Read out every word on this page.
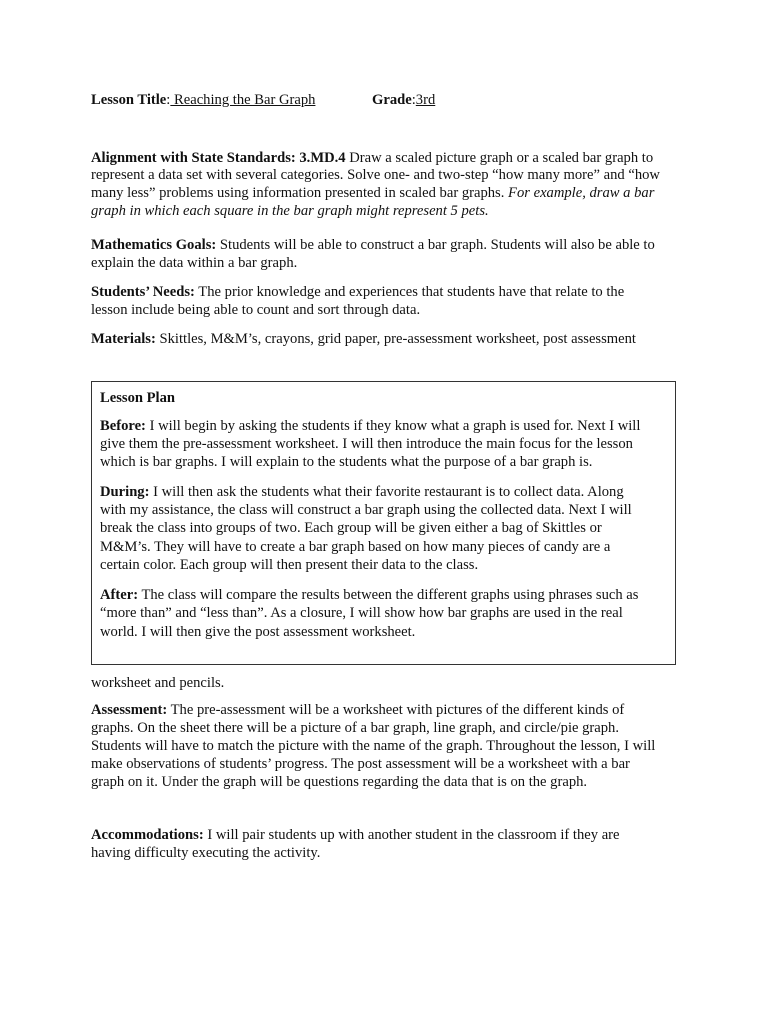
Lesson Title: Reaching the Bar Graph	Grade:3rd
Alignment with State Standards: 3.MD.4 Draw a scaled picture graph or a scaled bar graph to
represent a data set with several categories. Solve one- and two-step “how many more” and “how
many less” problems using information presented in scaled bar graphs. For example, draw a bar
graph in which each square in the bar graph might represent 5 pets.
Mathematics Goals: Students will be able to construct a bar graph. Students will also be able to
explain the data within a bar graph.
Students’ Needs: The prior knowledge and experiences that students have that relate to the
lesson include being able to count and sort through data.
Materials: Skittles, M&M’s, crayons, grid paper, pre-assessment worksheet, post assessment
worksheet and pencils.
Assessment: The pre-assessment will be a worksheet with pictures of the different kinds of
graphs. On the sheet there will be a picture of a bar graph, line graph, and circle/pie graph.
Students will have to match the picture with the name of the graph. Throughout the lesson, I will
make observations of students’ progress. The post assessment will be a worksheet with a bar
graph on it. Under the graph will be questions regarding the data that is on the graph.
Accommodations: I will pair students up with another student in the classroom if they are
having difficulty executing the activity.
Lesson Plan
Before: I will begin by asking the students if they know what a graph is used for. Next I will
give them the pre-assessment worksheet. I will then introduce the main focus for the lesson
which is bar graphs. I will explain to the students what the purpose of a bar graph is.
During: I will then ask the students what their favorite restaurant is to collect data. Along
with my assistance, the class will construct a bar graph using the collected data. Next I will
break the class into groups of two. Each group will be given either a bag of Skittles or
M&M’s. They will have to create a bar graph based on how many pieces of candy are a
certain color. Each group will then present their data to the class.
After: The class will compare the results between the different graphs using phrases such as
“more than” and “less than”. As a closure, I will show how bar graphs are used in the real
world. I will then give the post assessment worksheet.
